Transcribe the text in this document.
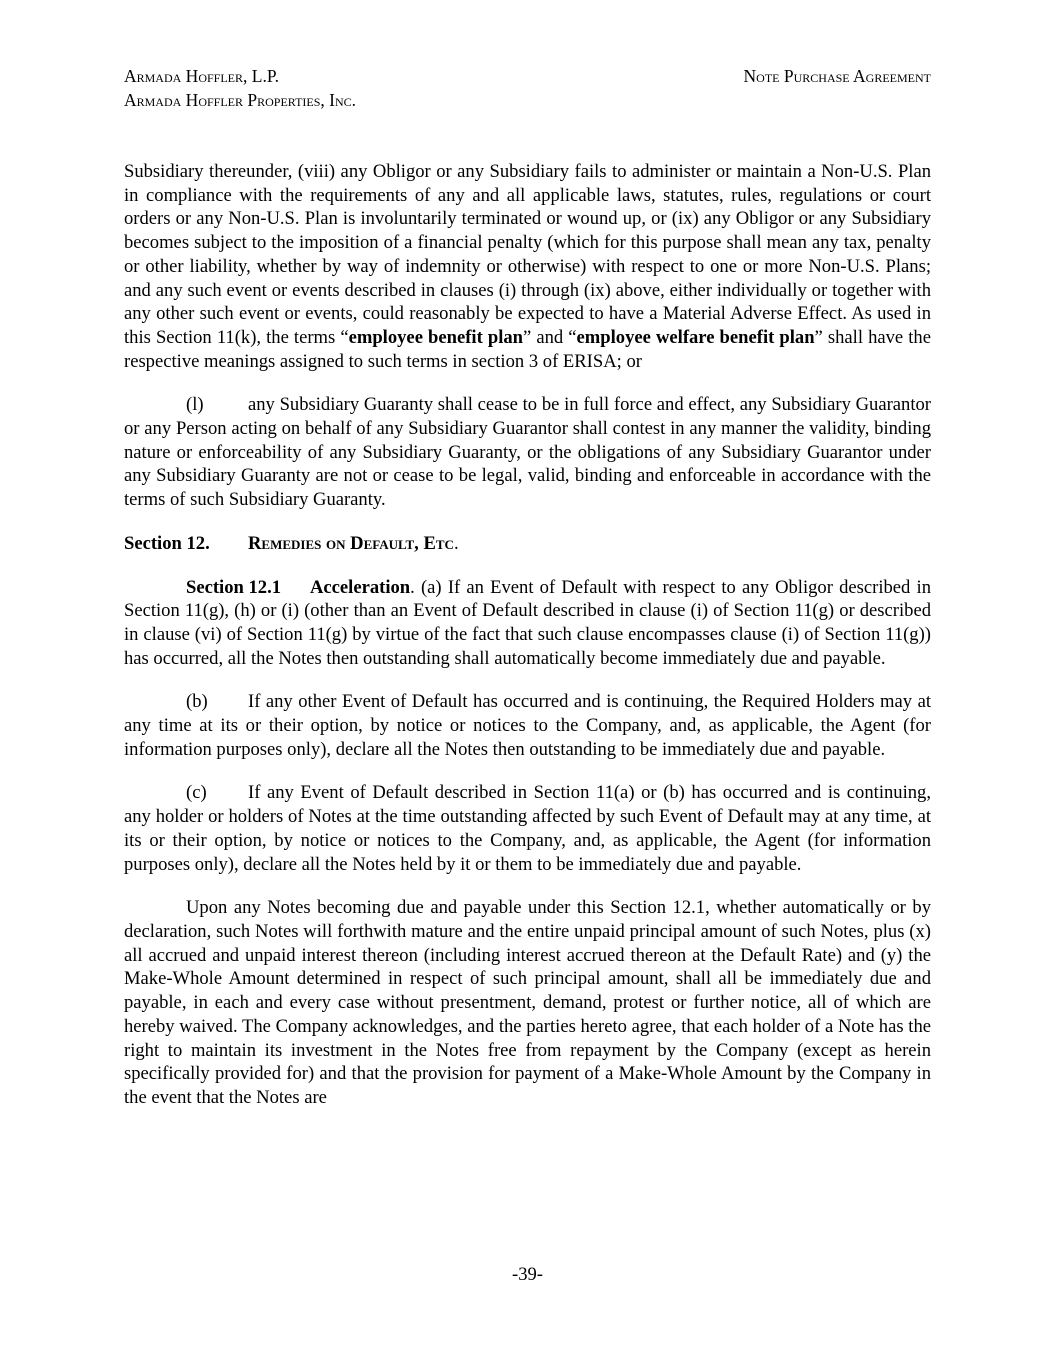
Armada Hoffler, L.P.
Armada Hoffler Properties, Inc.
Note Purchase Agreement

Subsidiary thereunder, (viii) any Obligor or any Subsidiary fails to administer or maintain a Non-U.S. Plan in compliance with the requirements of any and all applicable laws, statutes, rules, regulations or court orders or any Non-U.S. Plan is involuntarily terminated or wound up, or (ix) any Obligor or any Subsidiary becomes subject to the imposition of a financial penalty (which for this purpose shall mean any tax, penalty or other liability, whether by way of indemnity or otherwise) with respect to one or more Non-U.S. Plans; and any such event or events described in clauses (i) through (ix) above, either individually or together with any other such event or events, could reasonably be expected to have a Material Adverse Effect. As used in this Section 11(k), the terms “employee benefit plan” and “employee welfare benefit plan” shall have the respective meanings assigned to such terms in section 3 of ERISA; or

(l) any Subsidiary Guaranty shall cease to be in full force and effect, any Subsidiary Guarantor or any Person acting on behalf of any Subsidiary Guarantor shall contest in any manner the validity, binding nature or enforceability of any Subsidiary Guaranty, or the obligations of any Subsidiary Guarantor under any Subsidiary Guaranty are not or cease to be legal, valid, binding and enforceable in accordance with the terms of such Subsidiary Guaranty.

Section 12. Remedies on Default, Etc.

Section 12.1 Acceleration. (a) If an Event of Default with respect to any Obligor described in Section 11(g), (h) or (i) (other than an Event of Default described in clause (i) of Section 11(g) or described in clause (vi) of Section 11(g) by virtue of the fact that such clause encompasses clause (i) of Section 11(g)) has occurred, all the Notes then outstanding shall automatically become immediately due and payable.

(b) If any other Event of Default has occurred and is continuing, the Required Holders may at any time at its or their option, by notice or notices to the Company, and, as applicable, the Agent (for information purposes only), declare all the Notes then outstanding to be immediately due and payable.

(c) If any Event of Default described in Section 11(a) or (b) has occurred and is continuing, any holder or holders of Notes at the time outstanding affected by such Event of Default may at any time, at its or their option, by notice or notices to the Company, and, as applicable, the Agent (for information purposes only), declare all the Notes held by it or them to be immediately due and payable.

Upon any Notes becoming due and payable under this Section 12.1, whether automatically or by declaration, such Notes will forthwith mature and the entire unpaid principal amount of such Notes, plus (x) all accrued and unpaid interest thereon (including interest accrued thereon at the Default Rate) and (y) the Make-Whole Amount determined in respect of such principal amount, shall all be immediately due and payable, in each and every case without presentment, demand, protest or further notice, all of which are hereby waived. The Company acknowledges, and the parties hereto agree, that each holder of a Note has the right to maintain its investment in the Notes free from repayment by the Company (except as herein specifically provided for) and that the provision for payment of a Make-Whole Amount by the Company in the event that the Notes are

-39-
